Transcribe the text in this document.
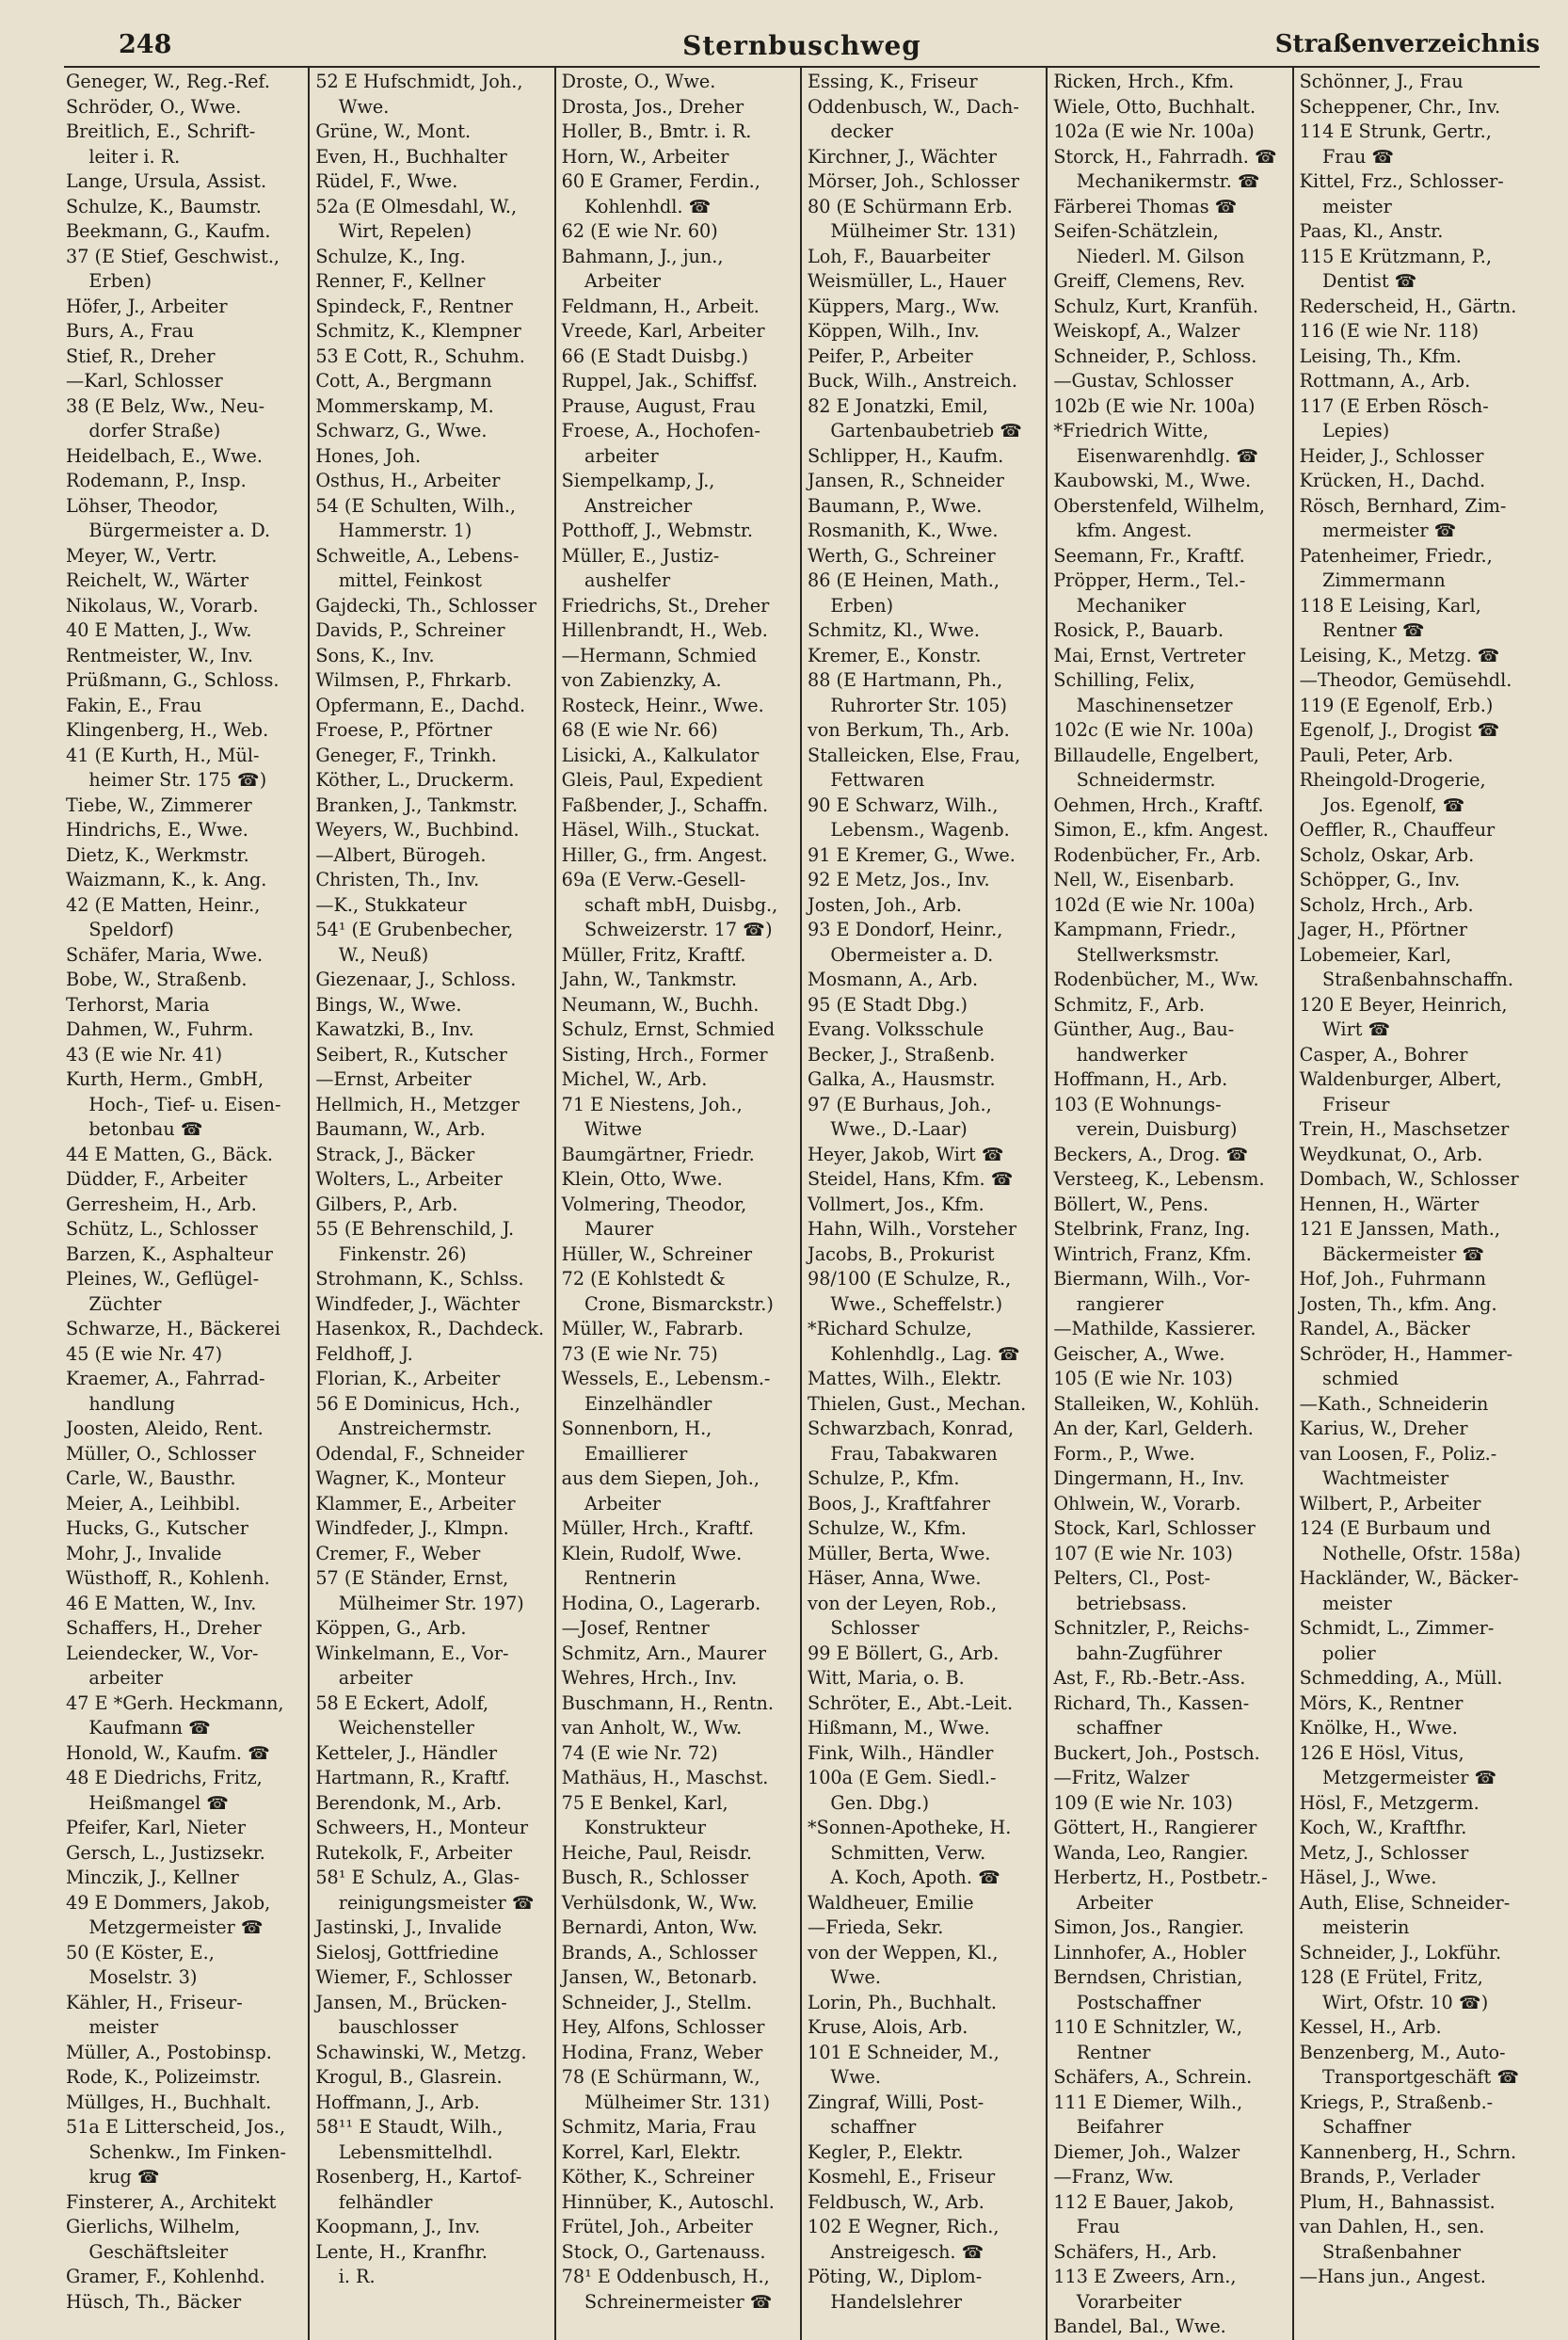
248	Sternbuschweg	Straßenverzeichnis
Geneger, W., Reg.-Ref.
Schröder, O., Wwe.
Breitlich, E., Schrift-
leiter i. R.
Lange, Ursula, Assist.
Schulze, K., Baumstr.
Beekmann, G., Kaufm.
37 (E Stief, Geschwist.,
Erben)
Höfer, J., Arbeiter
Burs, A., Frau
Stief, R., Dreher
—Karl, Schlosser
38 (E Belz, Ww., Neu-
dorfer Straße)
Heidelbach, E., Wwe.
Rodemann, P., Insp.
Löhser, Theodor,
Bürgermeister a. D.
Meyer, W., Vertr.
Reichelt, W., Wärter
Nikolaus, W., Vorarb.
40 E Matten, J., Ww.
Rentmeister, W., Inv.
Prüßmann, G., Schloss.
Fakin, E., Frau
Klingenberg, H., Web.
41 (E Kurth, H., Mül-
heimer Str. 175 ☎)
Tiebe, W., Zimmerer
Hindrichs, E., Wwe.
Dietz, K., Werkmstr.
Waizmann, K., k. Ang.
42 (E Matten, Heinr.,
Speldorf)
Schäfer, Maria, Wwe.
Bobe, W., Straßenb.
Terhorst, Maria
Dahmen, W., Fuhrm.
43 (E wie Nr. 41)
Kurth, Herm., GmbH,
Hoch-, Tief- u. Eisen-
betonbau ☎
44 E Matten, G., Bäck.
Düdder, F., Arbeiter
Gerresheim, H., Arb.
Schütz, L., Schlosser
Barzen, K., Asphalteur
Pleines, W., Geflügel-
Züchter
Schwarze, H., Bäckerei
45 (E wie Nr. 47)
Kraemer, A., Fahrrad-
handlung
Joosten, Aleido, Rent.
Müller, O., Schlosser
Carle, W., Bausthr.
Meier, A., Leihbibl.
Hucks, G., Kutscher
Mohr, J., Invalide
Wüsthoff, R., Kohlenh.
46 E Matten, W., Inv.
Schaffers, H., Dreher
Leiendecker, W., Vor-
arbeiter
47 E *Gerh. Heckmann,
Kaufmann ☎
Honold, W., Kaufm. ☎
48 E Diedrichs, Fritz,
Heißmangel ☎
Pfeifer, Karl, Nieter
Gersch, L., Justizsekr.
Minczik, J., Kellner
49 E Dommers, Jakob,
Metzgermeister ☎
50 (E Köster, E.,
Moselstr. 3)
Kähler, H., Friseur-
meister
Müller, A., Postobinsp.
Rode, K., Polizeimstr.
Müllges, H., Buchhalt.
51a E Litterscheid, Jos.,
Schenkw., Im Finken-
krug ☎
Finsterer, A., Architekt
Gierlichs, Wilhelm,
Geschäftsleiter
Gramer, F., Kohlenhd.
Hüsch, Th., Bäcker
52 E Hufschmidt, Joh.,
Wwe.
Grüne, W., Mont.
Even, H., Buchhalter
Rüdel, F., Wwe.
52a (E Olmesdahl, W.,
Wirt, Repelen)
Schulze, K., Ing.
Renner, F., Kellner
Spindeck, F., Rentner
Schmitz, K., Klempner
53 E Cott, R., Schuhm.
Cott, A., Bergmann
Mommerskamp, M.
Schwarz, G., Wwe.
Hones, Joh.
Osthus, H., Arbeiter
54 (E Schulten, Wilh.,
Hammerstr. 1)
Schweitle, A., Lebens-
mittel, Feinkost
Gajdecki, Th., Schlosser
Davids, P., Schreiner
Sons, K., Inv.
Wilmsen, P., Fhrkarb.
Opfermann, E., Dachd.
Froese, P., Pförtner
Geneger, F., Trinkh.
Köther, L., Druckerm.
Branken, J., Tankmstr.
Weyers, W., Buchbind.
—Albert, Bürogeh.
Christen, Th., Inv.
—K., Stukkateur
54¹ (E Grubenbecher,
W., Neuß)
Giezenaar, J., Schloss.
Bings, W., Wwe.
Kawatzki, B., Inv.
Seibert, R., Kutscher
—Ernst, Arbeiter
Hellmich, H., Metzger
Baumann, W., Arb.
Strack, J., Bäcker
Wolters, L., Arbeiter
Gilbers, P., Arb.
55 (E Behrenschild, J.
Finkenstr. 26)
Strohmann, K., Schlss.
Windfeder, J., Wächter
Hasenkox, R., Dachdeck.
Feldhoff, J.
Florian, K., Arbeiter
56 E Dominicus, Hch.,
Anstreichermstr.
Odendal, F., Schneider
Wagner, K., Monteur
Klammer, E., Arbeiter
Windfeder, J., Klmpn.
Cremer, F., Weber
57 (E Ständer, Ernst,
Mülheimer Str. 197)
Köppen, G., Arb.
Winkelmann, E., Vor-
arbeiter
58 E Eckert, Adolf,
Weichensteller
Ketteler, J., Händler
Hartmann, R., Kraftf.
Berendonk, M., Arb.
Schweers, H., Monteur
Rutekolk, F., Arbeiter
58¹ E Schulz, A., Glas-
reinigungsmeister ☎
Jastinski, J., Invalide
Sielosj, Gottfriedine
Wiemer, F., Schlosser
Jansen, M., Brücken-
bauschlosser
Schawinski, W., Metzg.
Krogul, B., Glasrein.
Hoffmann, J., Arb.
58¹¹ E Staudt, Wilh.,
Lebensmittelhdl.
Rosenberg, H., Kartof-
felhändler
Koopmann, J., Inv.
Lente, H., Kranfhr.
i. R.
Droste, O., Wwe.
Drosta, Jos., Dreher
Holler, B., Bmtr. i. R.
Horn, W., Arbeiter
60 E Gramer, Ferdin.,
Kohlenhdl. ☎
62 (E wie Nr. 60)
Bahmann, J., jun.,
Arbeiter
Feldmann, H., Arbeit.
Vreede, Karl, Arbeiter
66 (E Stadt Duisbg.)
Ruppel, Jak., Schiffsf.
Prause, August, Frau
Froese, A., Hochofen-
arbeiter
Siempelkamp, J.,
Anstreicher
Potthoff, J., Webmstr.
Müller, E., Justiz-
aushelfer
Friedrichs, St., Dreher
Hillenbrandt, H., Web.
—Hermann, Schmied
von Zabienzky, A.
Rosteck, Heinr., Wwe.
68 (E wie Nr. 66)
Lisicki, A., Kalkulator
Gleis, Paul, Expedient
Faßbender, J., Schaffn.
Häsel, Wilh., Stuckat.
Hiller, G., frm. Angest.
69a (E Verw.-Gesell-
schaft mbH, Duisbg.,
Schweizerstr. 17 ☎)
Müller, Fritz, Kraftf.
Jahn, W., Tankmstr.
Neumann, W., Buchh.
Schulz, Ernst, Schmied
Sisting, Hrch., Former
Michel, W., Arb.
71 E Niestens, Joh.,
Witwe
Baumgärtner, Friedr.
Klein, Otto, Wwe.
Volmering, Theodor,
Maurer
Hüller, W., Schreiner
72 (E Kohlstedt &
Crone, Bismarckstr.)
Müller, W., Fabrarb.
73 (E wie Nr. 75)
Wessels, E., Lebensm.-
Einzelhändler
Sonnenborn, H.,
Emaillierer
aus dem Siepen, Joh.,
Arbeiter
Müller, Hrch., Kraftf.
Klein, Rudolf, Wwe.
Rentnerin
Hodina, O., Lagerarb.
—Josef, Rentner
Schmitz, Arn., Maurer
Wehres, Hrch., Inv.
Buschmann, H., Rentn.
van Anholt, W., Ww.
74 (E wie Nr. 72)
Mathäus, H., Maschst.
75 E Benkel, Karl,
Konstrukteur
Heiche, Paul, Reisdr.
Busch, R., Schlosser
Verhülsdonk, W., Ww.
Bernardi, Anton, Ww.
Brands, A., Schlosser
Jansen, W., Betonarb.
Schneider, J., Stellm.
Hey, Alfons, Schlosser
Hodina, Franz, Weber
78 (E Schürmann, W.,
Mülheimer Str. 131)
Schmitz, Maria, Frau
Korrel, Karl, Elektr.
Köther, K., Schreiner
Hinnüber, K., Autoschl.
Frütel, Joh., Arbeiter
Stock, O., Gartenauss.
78¹ E Oddenbusch, H.,
Schreinermeister ☎
Essing, K., Friseur
Oddenbusch, W., Dach-
decker
Kirchner, J., Wächter
Mörser, Joh., Schlosser
80 (E Schürmann Erb.
Mülheimer Str. 131)
Loh, F., Bauarbeiter
Weismüller, L., Hauer
Küppers, Marg., Ww.
Köppen, Wilh., Inv.
Peifer, P., Arbeiter
Buck, Wilh., Anstreich.
82 E Jonatzki, Emil,
Gartenbaubetrieb ☎
Schlipper, H., Kaufm.
Jansen, R., Schneider
Baumann, P., Wwe.
Rosmanith, K., Wwe.
Werth, G., Schreiner
86 (E Heinen, Math.,
Erben)
Schmitz, Kl., Wwe.
Kremer, E., Konstr.
88 (E Hartmann, Ph.,
Ruhrorter Str. 105)
von Berkum, Th., Arb.
Stalleicken, Else, Frau,
Fettwaren
90 E Schwarz, Wilh.,
Lebensm., Wagenb.
91 E Kremer, G., Wwe.
92 E Metz, Jos., Inv.
Josten, Joh., Arb.
93 E Dondorf, Heinr.,
Obermeister a. D.
Mosmann, A., Arb.
95 (E Stadt Dbg.)
Evang. Volksschule
Becker, J., Straßenb.
Galka, A., Hausmstr.
97 (E Burhaus, Joh.,
Wwe., D.-Laar)
Heyer, Jakob, Wirt ☎
Steidel, Hans, Kfm. ☎
Vollmert, Jos., Kfm.
Hahn, Wilh., Vorsteher
Jacobs, B., Prokurist
98/100 (E Schulze, R.,
Wwe., Scheffelstr.)
*Richard Schulze,
Kohlenhdlg., Lag. ☎
Mattes, Wilh., Elektr.
Thielen, Gust., Mechan.
Schwarzbach, Konrad,
Frau, Tabakwaren
Schulze, P., Kfm.
Boos, J., Kraftfahrer
Schulze, W., Kfm.
Müller, Berta, Wwe.
Häser, Anna, Wwe.
von der Leyen, Rob.,
Schlosser
99 E Böllert, G., Arb.
Witt, Maria, o. B.
Schröter, E., Abt.-Leit.
Hißmann, M., Wwe.
Fink, Wilh., Händler
100a (E Gem. Siedl.-
Gen. Dbg.)
*Sonnen-Apotheke, H.
Schmitten, Verw.
A. Koch, Apoth. ☎
Waldheuer, Emilie
—Frieda, Sekr.
von der Weppen, Kl.,
Wwe.
Lorin, Ph., Buchhalt.
Kruse, Alois, Arb.
101 E Schneider, M.,
Wwe.
Zingraf, Willi, Post-
schaffner
Kegler, P., Elektr.
Kosmehl, E., Friseur
Feldbusch, W., Arb.
102 E Wegner, Rich.,
Anstreigesch. ☎
Pöting, W., Diplom-
Handelslehrer
Ricken, Hrch., Kfm.
Wiele, Otto, Buchhalt.
102a (E wie Nr. 100a)
Storck, H., Fahrradh. ☎
Mechanikermstr. ☎
Färberei Thomas ☎
Seifen-Schätzlein,
Niederl. M. Gilson
Greiff, Clemens, Rev.
Schulz, Kurt, Kranfüh.
Weiskopf, A., Walzer
Schneider, P., Schloss.
—Gustav, Schlosser
102b (E wie Nr. 100a)
*Friedrich Witte,
Eisenwarenhdlg. ☎
Kaubowski, M., Wwe.
Oberstenfeld, Wilhelm,
kfm. Angest.
Seemann, Fr., Kraftf.
Pröpper, Herm., Tel.-
Mechaniker
Rosick, P., Bauarb.
Mai, Ernst, Vertreter
Schilling, Felix,
Maschinensetzer
102c (E wie Nr. 100a)
Billaudelle, Engelbert,
Schneidermstr.
Oehmen, Hrch., Kraftf.
Simon, E., kfm. Angest.
Rodenbücher, Fr., Arb.
Nell, W., Eisenbarb.
102d (E wie Nr. 100a)
Kampmann, Friedr.,
Stellwerksmstr.
Rodenbücher, M., Ww.
Schmitz, F., Arb.
Günther, Aug., Bau-
handwerker
Hoffmann, H., Arb.
103 (E Wohnungs-
verein, Duisburg)
Beckers, A., Drog. ☎
Versteeg, K., Lebensm.
Böllert, W., Pens.
Stelbrink, Franz, Ing.
Wintrich, Franz, Kfm.
Biermann, Wilh., Vor-
rangierer
—Mathilde, Kassierer.
Geischer, A., Wwe.
105 (E wie Nr. 103)
Stalleiken, W., Kohlüh.
An der, Karl, Gelderh.
Form., P., Wwe.
Dingermann, H., Inv.
Ohlwein, W., Vorarb.
Stock, Karl, Schlosser
107 (E wie Nr. 103)
Pelters, Cl., Post-
betriebsass.
Schnitzler, P., Reichs-
bahn-Zugführer
Ast, F., Rb.-Betr.-Ass.
Richard, Th., Kassen-
schaffner
Buckert, Joh., Postsch.
—Fritz, Walzer
109 (E wie Nr. 103)
Göttert, H., Rangierer
Wanda, Leo, Rangier.
Herbertz, H., Postbetr.-
Arbeiter
Simon, Jos., Rangier.
Linnhofer, A., Hobler
Berndsen, Christian,
Postschaffner
110 E Schnitzler, W.,
Rentner
Schäfers, A., Schrein.
111 E Diemer, Wilh.,
Beifahrer
Diemer, Joh., Walzer
—Franz, Ww.
112 E Bauer, Jakob,
Frau
Schäfers, H., Arb.
113 E Zweers, Arn.,
Vorarbeiter
Bandel, Bal., Wwe.
Schönner, J., Frau
Scheppener, Chr., Inv.
114 E Strunk, Gertr.,
Frau ☎
Kittel, Frz., Schlosser-
meister
Paas, Kl., Anstr.
115 E Krützmann, P.,
Dentist ☎
Rederscheid, H., Gärtn.
116 (E wie Nr. 118)
Leising, Th., Kfm.
Rottmann, A., Arb.
117 (E Erben Rösch-
Lepies)
Heider, J., Schlosser
Krücken, H., Dachd.
Rösch, Bernhard, Zim-
mermeister ☎
Patenheimer, Friedr.,
Zimmermann
118 E Leising, Karl,
Rentner ☎
Leising, K., Metzg. ☎
—Theodor, Gemüsehdl.
119 (E Egenolf, Erb.)
Egenolf, J., Drogist ☎
Pauli, Peter, Arb.
Rheingold-Drogerie,
Jos. Egenolf, ☎
Oeffler, R., Chauffeur
Scholz, Oskar, Arb.
Schöpper, G., Inv.
Scholz, Hrch., Arb.
Jager, H., Pförtner
Lobemeier, Karl,
Straßenbahnschaffn.
120 E Beyer, Heinrich,
Wirt ☎
Casper, A., Bohrer
Waldenburger, Albert,
Friseur
Trein, H., Maschsetzer
Weydkunat, O., Arb.
Dombach, W., Schlosser
Hennen, H., Wärter
121 E Janssen, Math.,
Bäckermeister ☎
Hof, Joh., Fuhrmann
Josten, Th., kfm. Ang.
Randel, A., Bäcker
Schröder, H., Hammer-
schmied
—Kath., Schneiderin
Karius, W., Dreher
van Loosen, F., Poliz.-
Wachtmeister
Wilbert, P., Arbeiter
124 (E Burbaum und
Nothelle, Ofstr. 158a)
Hackländer, W., Bäcker-
meister
Schmidt, L., Zimmer-
polier
Schmedding, A., Müll.
Mörs, K., Rentner
Knölke, H., Wwe.
126 E Hösl, Vitus,
Metzgermeister ☎
Hösl, F., Metzgerm.
Koch, W., Kraftfhr.
Metz, J., Schlosser
Häsel, J., Wwe.
Auth, Elise, Schneider-
meisterin
Schneider, J., Lokführ.
128 (E Frütel, Fritz,
Wirt, Ofstr. 10 ☎)
Kessel, H., Arb.
Benzenberg, M., Auto-
Transportgeschäft ☎
Kriegs, P., Straßenb.-
Schaffner
Kannenberg, H., Schrn.
Brands, P., Verlader
Plum, H., Bahnassist.
van Dahlen, H., sen.
Straßenbahner
—Hans jun., Angest.
